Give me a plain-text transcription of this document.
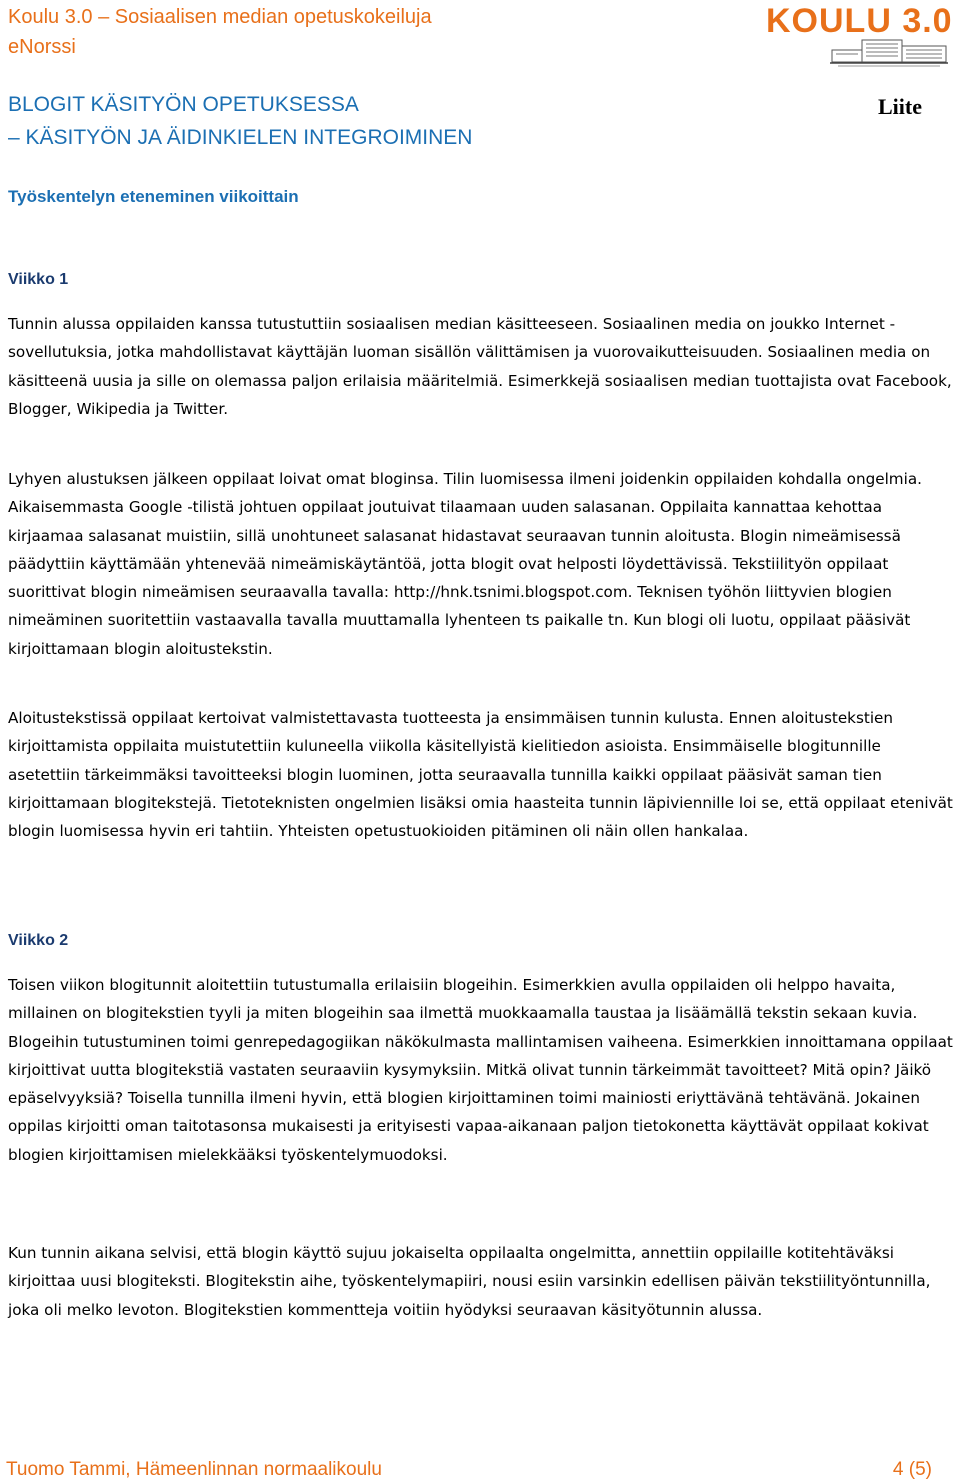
Koulu 3.0 – Sosiaalisen median opetuskokeiluja
eNorssi
KOULU 3.0
BLOGIT KÄSITYÖN OPETUKSESSA
– KÄSITYÖN JA ÄIDINKIELEN INTEGROIMINEN
Liite
Työskentelyn eteneminen viikoittain
Viikko 1

Tunnin alussa oppilaiden kanssa tutustuttiin sosiaalisen median käsitteeseen. Sosiaalinen media on joukko Internet -sovellutuksia, jotka mahdollistavat käyttäjän luoman sisällön välittämisen ja vuorovaikutteisuuden. Sosiaalinen media on käsitteenä uusia ja sille on olemassa paljon erilaisia määritelmiä. Esimerkkejä sosiaalisen median tuottajista ovat Facebook, Blogger, Wikipedia ja Twitter.

Lyhyen alustuksen jälkeen oppilaat loivat omat bloginsa. Tilin luomisessa ilmeni joidenkin oppilaiden kohdalla ongelmia. Aikaisemmasta Google -tilistä johtuen oppilaat joutuivat tilaamaan uuden salasanan. Oppilaita kannattaa kehottaa kirjaamaa salasanat muistiin, sillä unohtuneet salasanat hidastavat seuraavan tunnin aloitusta. Blogin nimeämisessä päädyttiin käyttämään yhtenevää nimeämiskäytäntöä, jotta blogit ovat helposti löydettävissä. Tekstiilityön oppilaat suorittivat blogin nimeämisen seuraavalla tavalla: http://hnk.tsnimi.blogspot.com. Teknisen työhön liittyvien blogien nimeäminen suoritettiin vastaavalla tavalla muuttamalla lyhenteen ts paikalle tn. Kun blogi oli luotu, oppilaat pääsivät kirjoittamaan blogin aloitustekstin.

Aloitustekstissä oppilaat kertoivat valmistettavasta tuotteesta ja ensimmäisen tunnin kulusta. Ennen aloitustekstien kirjoittamista oppilaita muistutettiin kuluneella viikolla käsitellyistä kielitiedon asioista. Ensimmäiselle blogitunnille asetettiin tärkeimmäksi tavoitteeksi blogin luominen, jotta seuraavalla tunnilla kaikki oppilaat pääsivät saman tien kirjoittamaan blogitekstejä. Tietoteknisten ongelmien lisäksi omia haasteita tunnin läpiviennille loi se, että oppilaat etenivät blogin luomisessa hyvin eri tahtiin. Yhteisten opetustuokioiden pitäminen oli näin ollen hankalaa.

Viikko 2

Toisen viikon blogitunnit aloitettiin tutustumalla erilaisiin blogeihin. Esimerkkien avulla oppilaiden oli helppo havaita, millainen on blogitekstien tyyli ja miten blogeihin saa ilmettä muokkaamalla taustaa ja lisäämällä tekstin sekaan kuvia. Blogeihin tutustuminen toimi genrepedagogiikan näkökulmasta mallintamisen vaiheena. Esimerkkien innoittamana oppilaat kirjoittivat uutta blogitekstiä vastaten seuraaviin kysymyksiin. Mitkä olivat tunnin tärkeimmät tavoitteet? Mitä opin? Jäikö epäselvyyksiä? Toisella tunnilla ilmeni hyvin, että blogien kirjoittaminen toimi mainiosti eriyttävänä tehtävänä. Jokainen oppilas kirjoitti oman taitotasonsa mukaisesti ja erityisesti vapaa-aikanaan paljon tietokonetta käyttävät oppilaat kokivat blogien kirjoittamisen mielekkääksi työskentelymuodoksi.

Kun tunnin aikana selvisi, että blogin käyttö sujuu jokaiselta oppilaalta ongelmitta, annettiin oppilaille kotitehtäväksi kirjoittaa uusi blogiteksti. Blogitekstin aihe, työskentelymapiiri, nousi esiin varsinkin edellisen päivän tekstiilityöntunnilla, joka oli melko levoton. Blogitekstien kommentteja voitiin hyödyksi seuraavan käsityötunnin alussa.

Tuomo Tammi, Hämeenlinnan normaalikoulu	4 (5)
